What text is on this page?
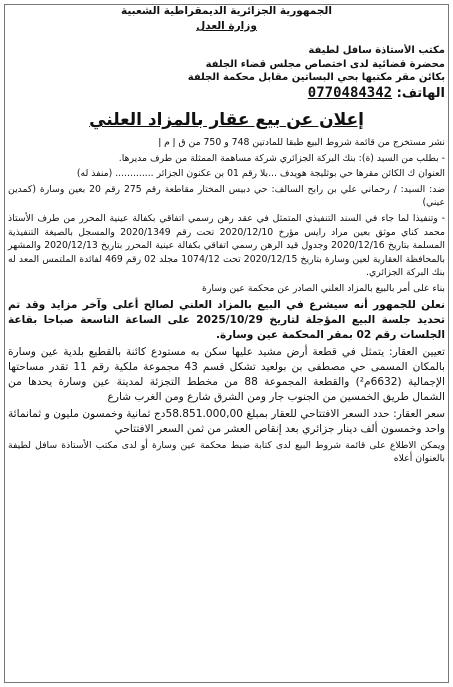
الجمهورية الجزائرية الديمقراطية الشعبية
وزارة العدل
مكتب الأستاذة سافل لطيفة
محضرة قضائية لدى اختصاص مجلس قضاء الجلفة
بكائن مقر مكتبها بحي البساتين مقابل محكمة الجلفة
الهاتف: 0770484342
إعلان عن بيع عقار بالمزاد العلني

نشر مستخرج من قائمة شروط البيع طبقا للمادتين 748 و 750 من ق إ م إ

- بطلب من السيد (ة): بنك البركة الجزائري شركة مساهمة الممثلة من طرف مديرها.

العنوان ك الكائن مقرها حي بوثليجة هويدف ...بلا رقم 01 بن عكنون الجزائر ............. (منفذ له)

ضد: السيد: / رحماني علي بن رابح السالف: حي دبيس المختار مقاطعة رقم 275 رقم 20 بعين وسارة (كمدين عيني)

- وتنفيذا لما جاء في السند التنفيذي المتمثل في عقد رهن رسمي اتفاقي بكفالة عينية المحرر من طرف الأستاذ محمد كناي موثق بعين مراد رايس مؤرخ 2020/12/10 تحت رقم 2020/1349 والمسجل بالصيغة التنفيذية المسلمة بتاريخ 2020/12/16 وجدول قيد الرهن رسمي اتفاقي بكفالة عينية المحرر بتاريخ 2020/12/13 والمشهر بالمحافظة العقارية لعين وسارة بتاريخ 2020/12/15 تحت 1074/12 مجلد 02 رقم 469 لفائدة الملتمس المعد له بنك البركة الجزائري.

بناء على أمر بالبيع بالمزاد العلني الصادر عن محكمة عين وسارة

نعلن للجمهور أنه سيشرع في البيع بالمزاد العلني لصالح أعلى وآخر مزايد وقد تم تحديد جلسة البيع المؤجلة لتاريخ 2025/10/29 على الساعة التاسعة صباحا بقاعة الجلسات رقم 02 بمقر المحكمة عين وسارة.

تعيين العقار: يتمثل في قطعة أرض مشيد عليها سكن به مستودع كائنة بالقطيع بلدية عين وسارة بالمكان المسمى حي مصطفى بن بولعيد تشكل قسم 43 مجموعة ملكية رقم 11 تقدر مساحتها الإجمالية (6632م²) والقطعة المجموعة 88 من مخطط التجزئة لمدينة عين وسارة يحدها من الشمال طريق الخمسين من الجنوب جار ومن الشرق شارع ومن الغرب شارع

سعر العقار: حدد السعر الافتتاحي للعقار بمبلغ 58.851.000,00دج ثمانية وخمسون مليون و ثمانمائة واحد وخمسون ألف دينار جزائري بعد إنقاص العشر من ثمن السعر الافتتاحي

ويمكن الاطلاع على قائمة شروط البيع لدى كتابة ضبط محكمة عين وسارة أو لدى مكتب الأستاذة سافل لطيفة بالعنوان أعلاه
